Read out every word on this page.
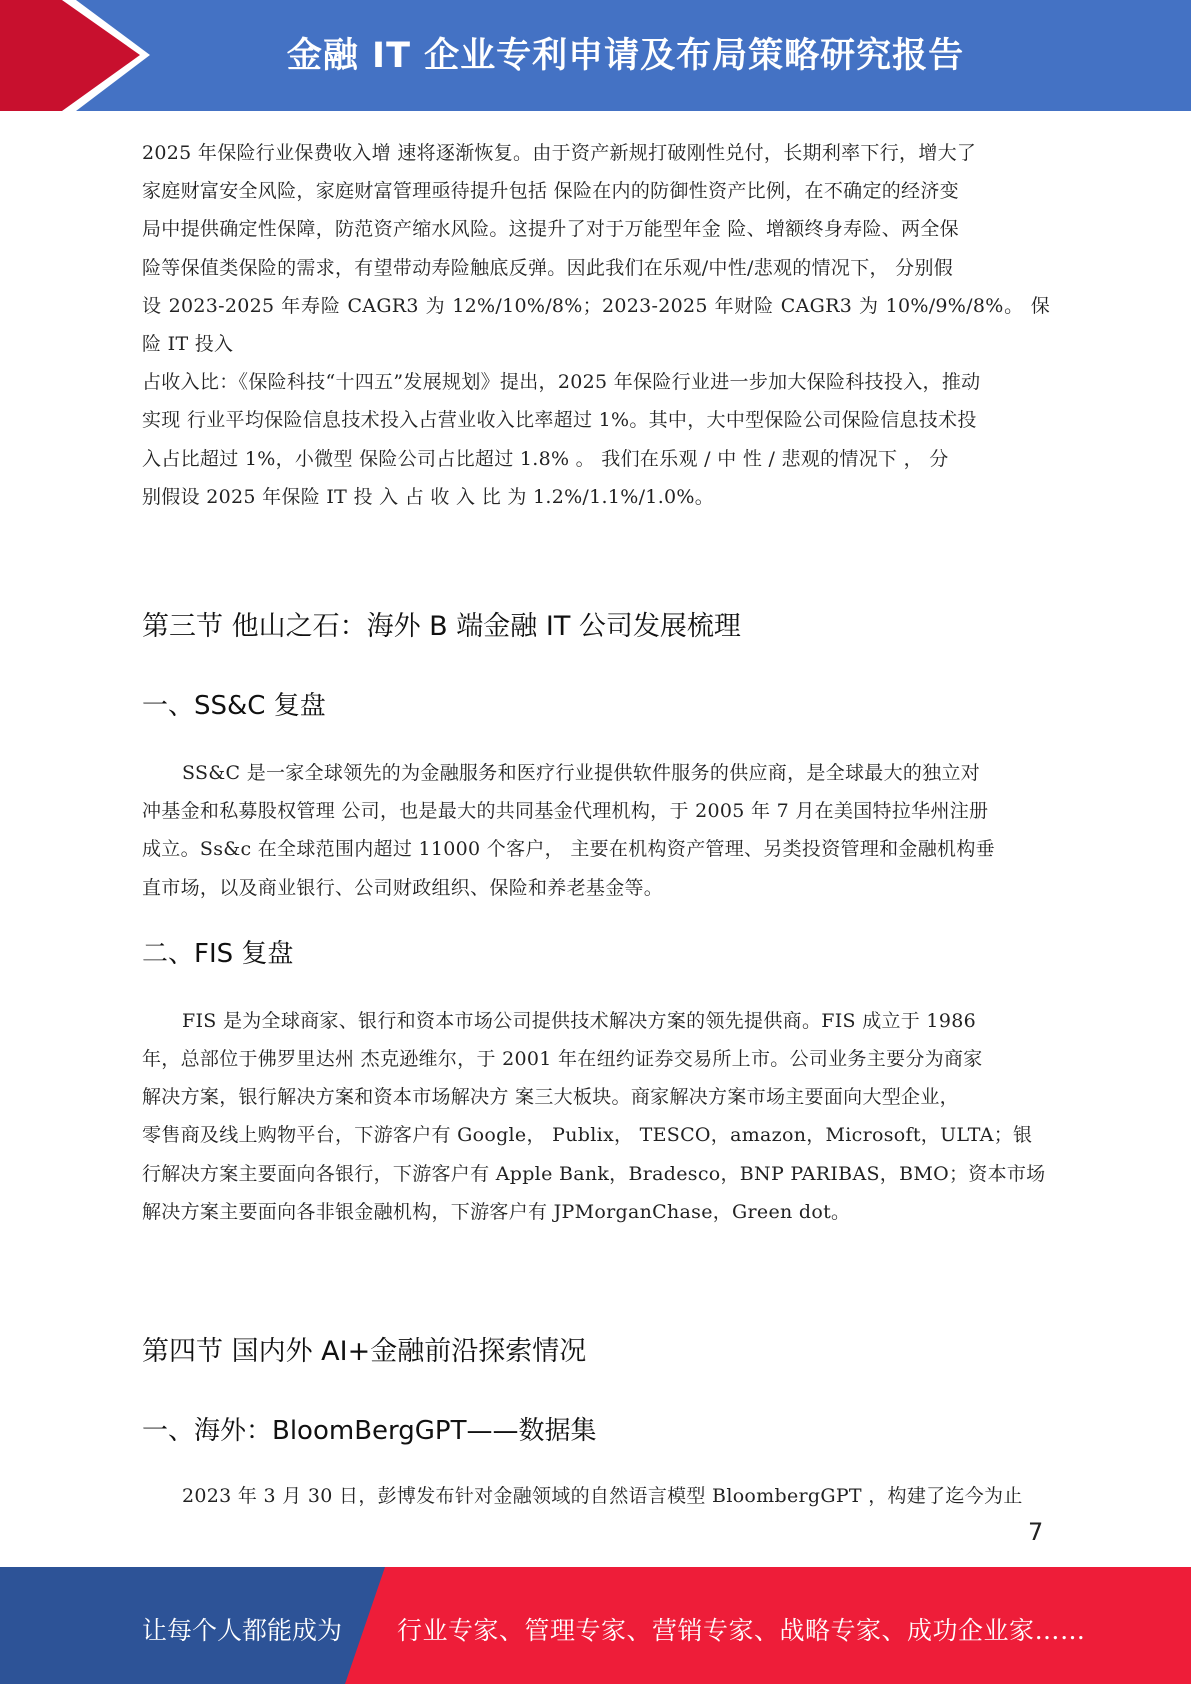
金融 IT 企业专利申请及布局策略研究报告

2025 年保险行业保费收入增 速将逐渐恢复。由于资产新规打破刚性兑付，长期利率下行，增大了

家庭财富安全风险，家庭财富管理亟待提升包括 保险在内的防御性资产比例，在不确定的经济变

局中提供确定性保障，防范资产缩水风险。这提升了对于万能型年金 险、增额终身寿险、两全保

险等保值类保险的需求，有望带动寿险触底反弹。因此我们在乐观/中性/悲观的情况下， 分别假

设 2023-2025 年寿险 CAGR3 为 12%/10%/8%；2023-2025 年财险 CAGR3 为 10%/9%/8%。 保险 IT 投入

占收入比：《保险科技“十四五”发展规划》提出，2025 年保险行业进一步加大保险科技投入，推动

实现 行业平均保险信息技术投入占营业收入比率超过 1%。其中，大中型保险公司保险信息技术投

入占比超过 1%，小微型 保险公司占比超过 1.8% 。 我们在乐观 / 中 性 / 悲观的情况下 ， 分

别假设 2025 年保险 IT 投 入 占 收 入 比 为 1.2%/1.1%/1.0%。

第三节 他山之石：海外 B 端金融 IT 公司发展梳理
一、SS&C 复盘

SS&C 是一家全球领先的为金融服务和医疗行业提供软件服务的供应商，是全球最大的独立对

冲基金和私募股权管理 公司，也是最大的共同基金代理机构，于 2005 年 7 月在美国特拉华州注册

成立。Ss&c 在全球范围内超过 11000 个客户， 主要在机构资产管理、另类投资管理和金融机构垂

直市场，以及商业银行、公司财政组织、保险和养老基金等。

二、FIS 复盘

FIS 是为全球商家、银行和资本市场公司提供技术解决方案的领先提供商。FIS 成立于 1986

年，总部位于佛罗里达州 杰克逊维尔，于 2001 年在纽约证券交易所上市。公司业务主要分为商家

解决方案，银行解决方案和资本市场解决方 案三大板块。商家解决方案市场主要面向大型企业，

零售商及线上购物平台，下游客户有 Google， Publix， TESCO，amazon，Microsoft，ULTA；银

行解决方案主要面向各银行，下游客户有 Apple Bank，Bradesco，BNP PARIBAS，BMO；资本市场

解决方案主要面向各非银金融机构，下游客户有 JPMorganChase，Green dot。

第四节 国内外 AI+金融前沿探索情况
一、海外：BloomBergGPT——数据集

2023 年 3 月 30 日，彭博发布针对金融领域的自然语言模型 BloombergGPT ，构建了迄今为止

7
让每个人都能成为 行业专家、管理专家、营销专家、战略专家、成功企业家……
